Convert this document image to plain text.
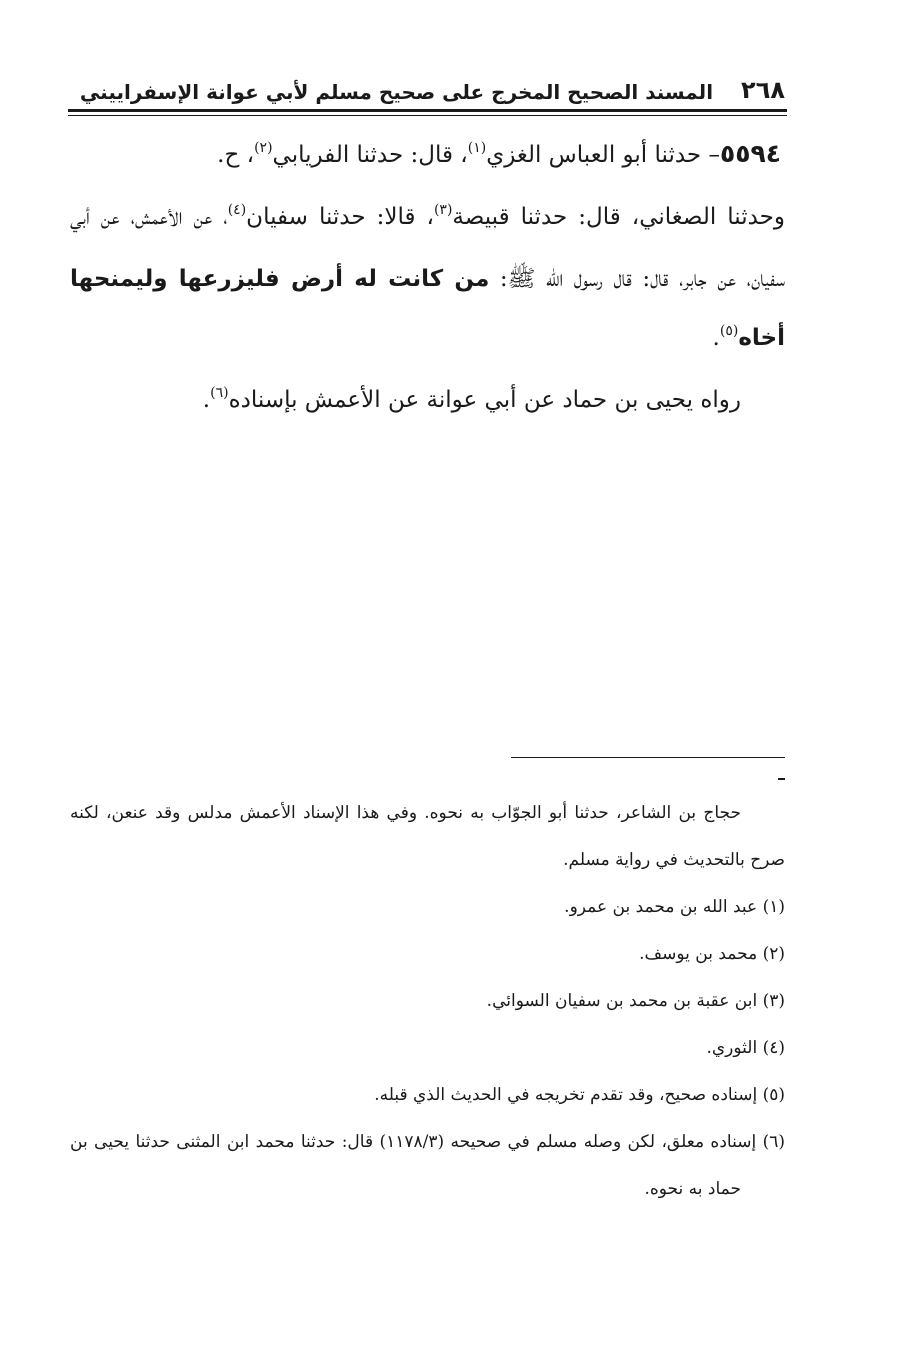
٢٦٨
المسند الصحيح المخرج على صحيح مسلم لأبي عوانة الإسفراييني

٥٥٩٤– حدثنا أبو العباس الغزي$^{(١)}$، قال: حدثنا الفريابي$^{(٢)}$، ح.
وحدثنا الصغاني، قال: حدثنا قبيصة$^{(٣)}$، قالا: حدثنا سفيان$^{(٤)}$، عن الأعمش، عن أبي سفيان، عن جابر، قال: قال رسول الله ﷺ: من كانت له أرض فليزرعها وليمنحها أخاه$^{(٥)}$.

رواه يحيى بن حماد عن أبي عوانة عن الأعمش بإسناده$^{(٦)}$.

حجاج بن الشاعر، حدثنا أبو الجوّاب به نحوه. وفي هذا الإسناد الأعمش مدلس وقد عنعن، لكنه صرح بالتحديث في رواية مسلم.

(١) عبد الله بن محمد بن عمرو.

(٢) محمد بن يوسف.

(٣) ابن عقبة بن محمد بن سفيان السوائي.

(٤) الثوري.

(٥) إسناده صحيح، وقد تقدم تخريجه في الحديث الذي قبله.

(٦) إسناده معلق، لكن وصله مسلم في صحيحه (١١٧٨/٣) قال: حدثنا محمد ابن المثنى حدثنا يحيى بن حماد به نحوه.
